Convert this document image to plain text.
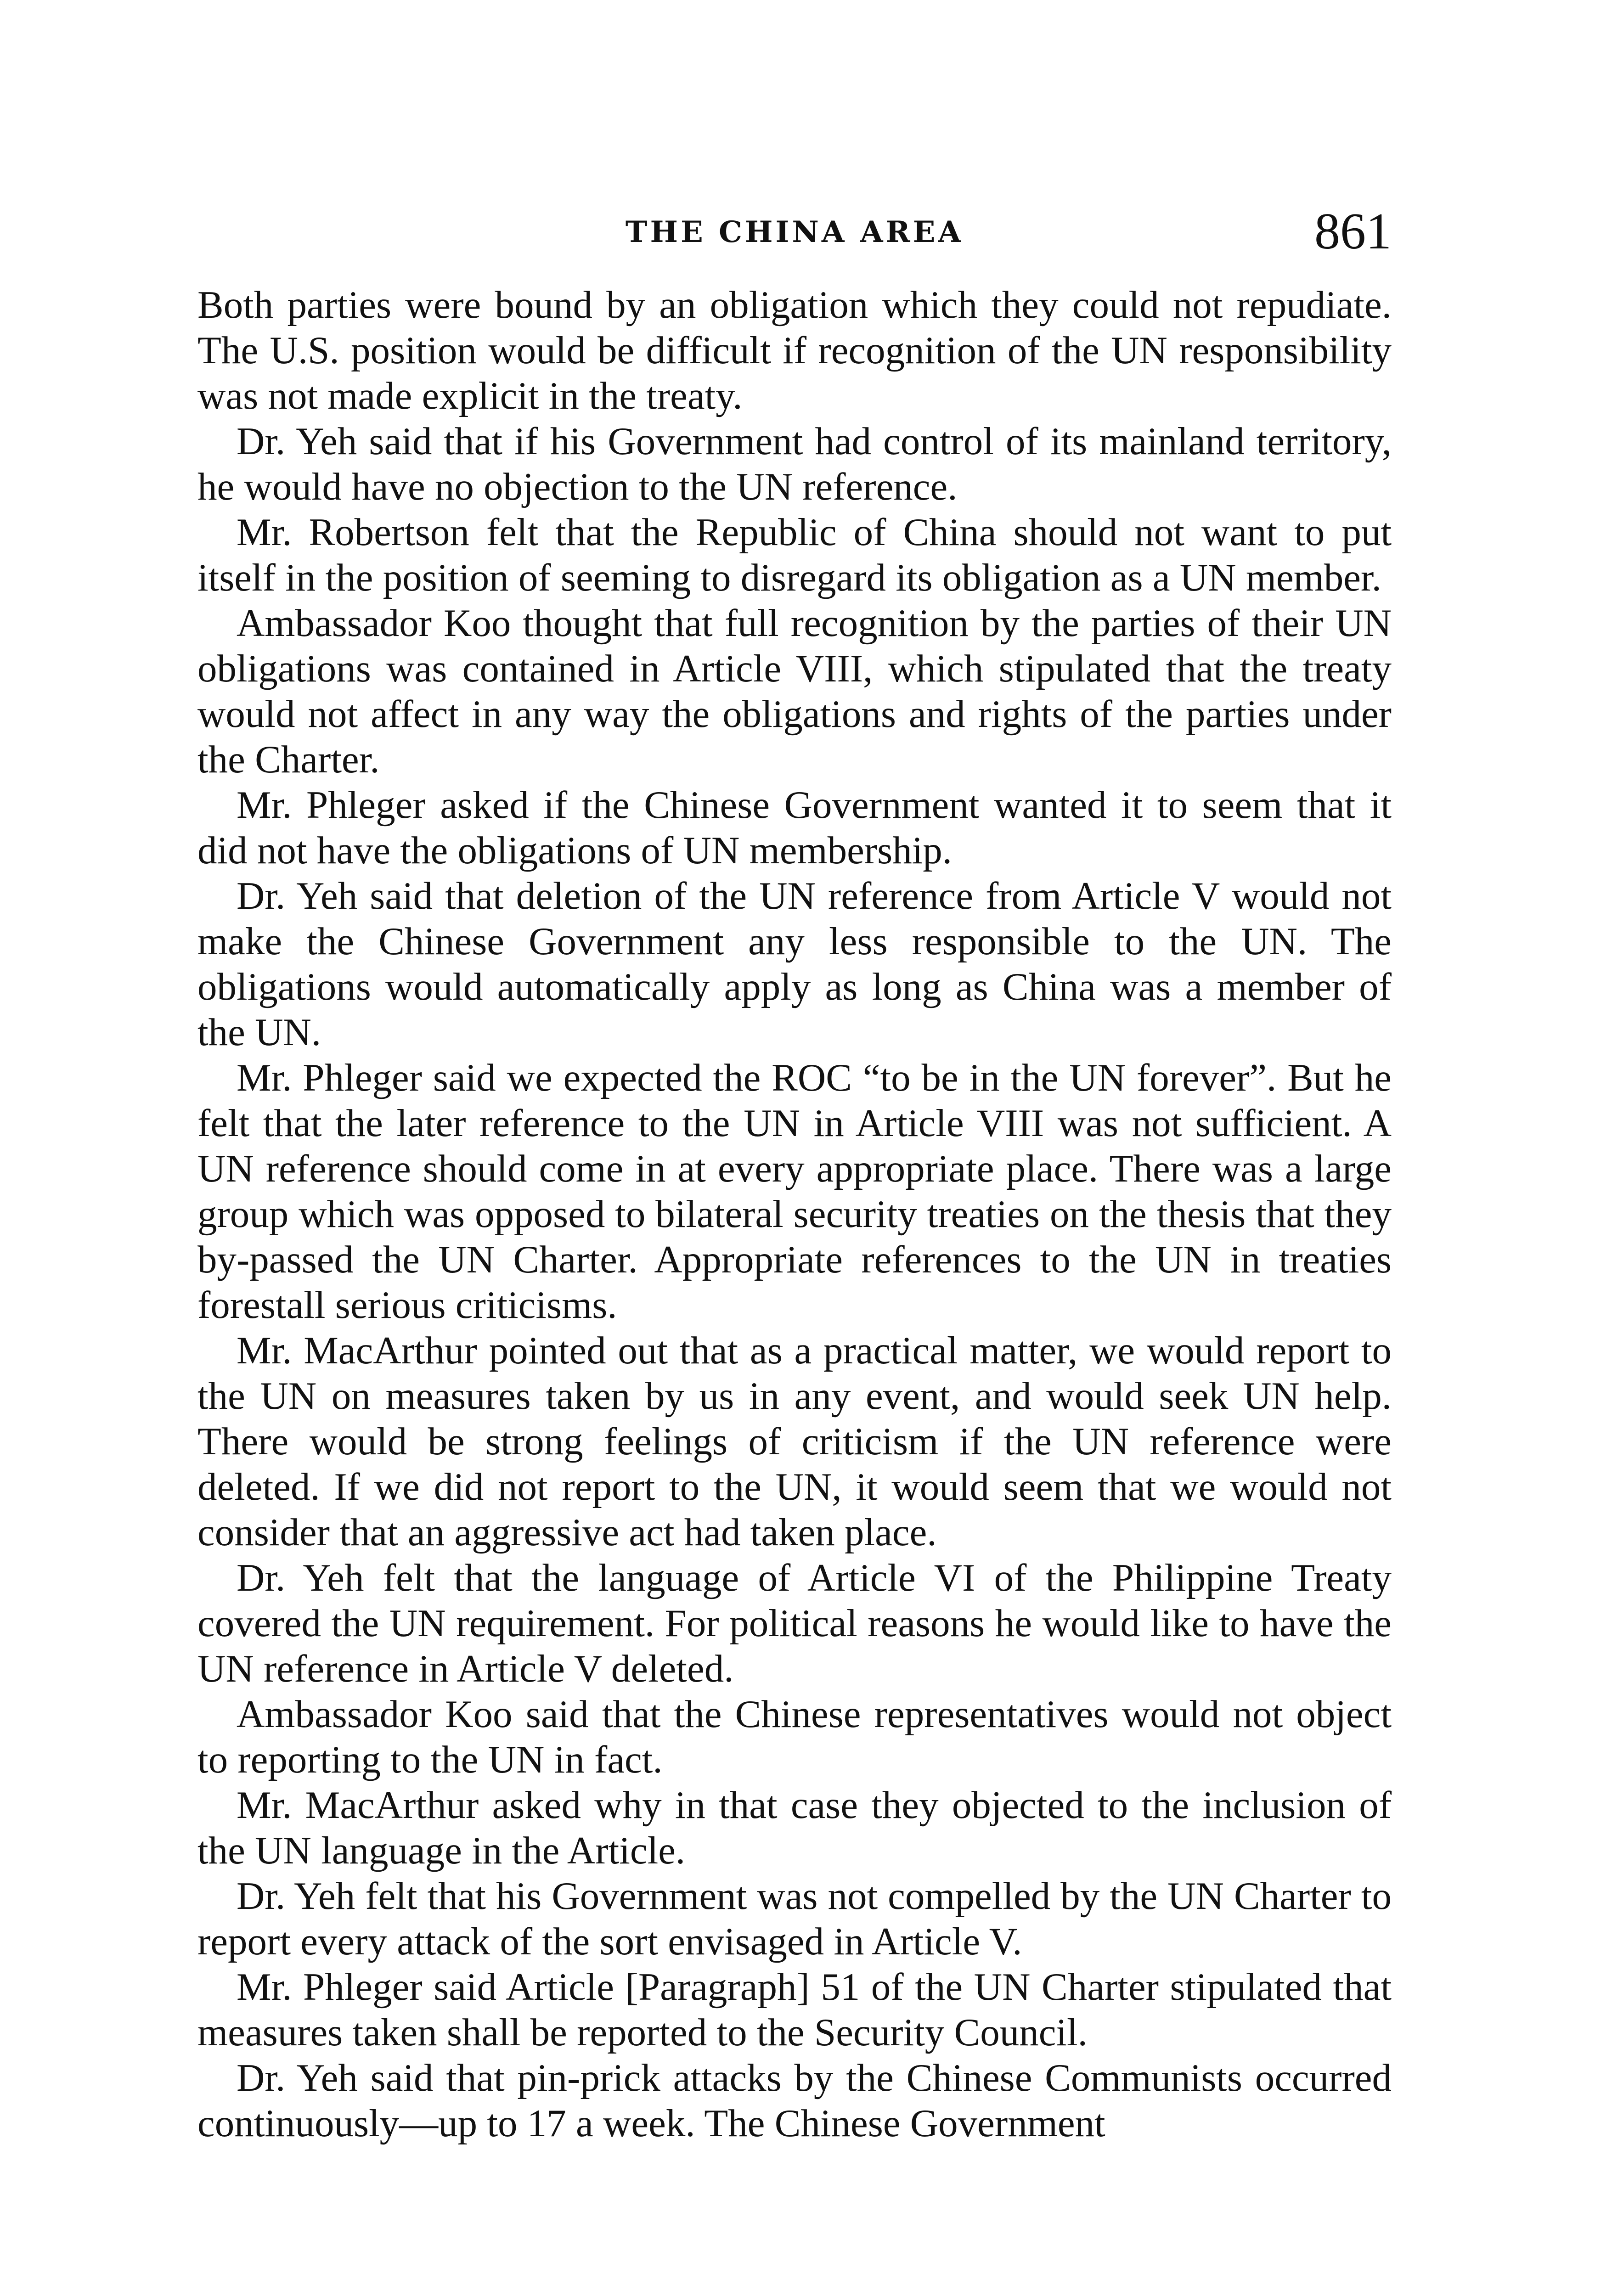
THE CHINA AREA	861

Both parties were bound by an obligation which they could not repudiate. The U.S. position would be difficult if recognition of the UN responsibility was not made explicit in the treaty.

Dr. Yeh said that if his Government had control of its mainland territory, he would have no objection to the UN reference.

Mr. Robertson felt that the Republic of China should not want to put itself in the position of seeming to disregard its obligation as a UN member.

Ambassador Koo thought that full recognition by the parties of their UN obligations was contained in Article VIII, which stipulated that the treaty would not affect in any way the obligations and rights of the parties under the Charter.

Mr. Phleger asked if the Chinese Government wanted it to seem that it did not have the obligations of UN membership.

Dr. Yeh said that deletion of the UN reference from Article V would not make the Chinese Government any less responsible to the UN. The obligations would automatically apply as long as China was a member of the UN.

Mr. Phleger said we expected the ROC “to be in the UN forever”. But he felt that the later reference to the UN in Article VIII was not sufficient. A UN reference should come in at every appropriate place. There was a large group which was opposed to bilateral security treaties on the thesis that they by-passed the UN Charter. Appropriate references to the UN in treaties forestall serious criticisms.

Mr. MacArthur pointed out that as a practical matter, we would report to the UN on measures taken by us in any event, and would seek UN help. There would be strong feelings of criticism if the UN reference were deleted. If we did not report to the UN, it would seem that we would not consider that an aggressive act had taken place.

Dr. Yeh felt that the language of Article VI of the Philippine Treaty covered the UN requirement. For political reasons he would like to have the UN reference in Article V deleted.

Ambassador Koo said that the Chinese representatives would not object to reporting to the UN in fact.

Mr. MacArthur asked why in that case they objected to the inclusion of the UN language in the Article.

Dr. Yeh felt that his Government was not compelled by the UN Charter to report every attack of the sort envisaged in Article V.

Mr. Phleger said Article [Paragraph] 51 of the UN Charter stipulated that measures taken shall be reported to the Security Council.

Dr. Yeh said that pin-prick attacks by the Chinese Communists occurred continuously—up to 17 a week. The Chinese Government
